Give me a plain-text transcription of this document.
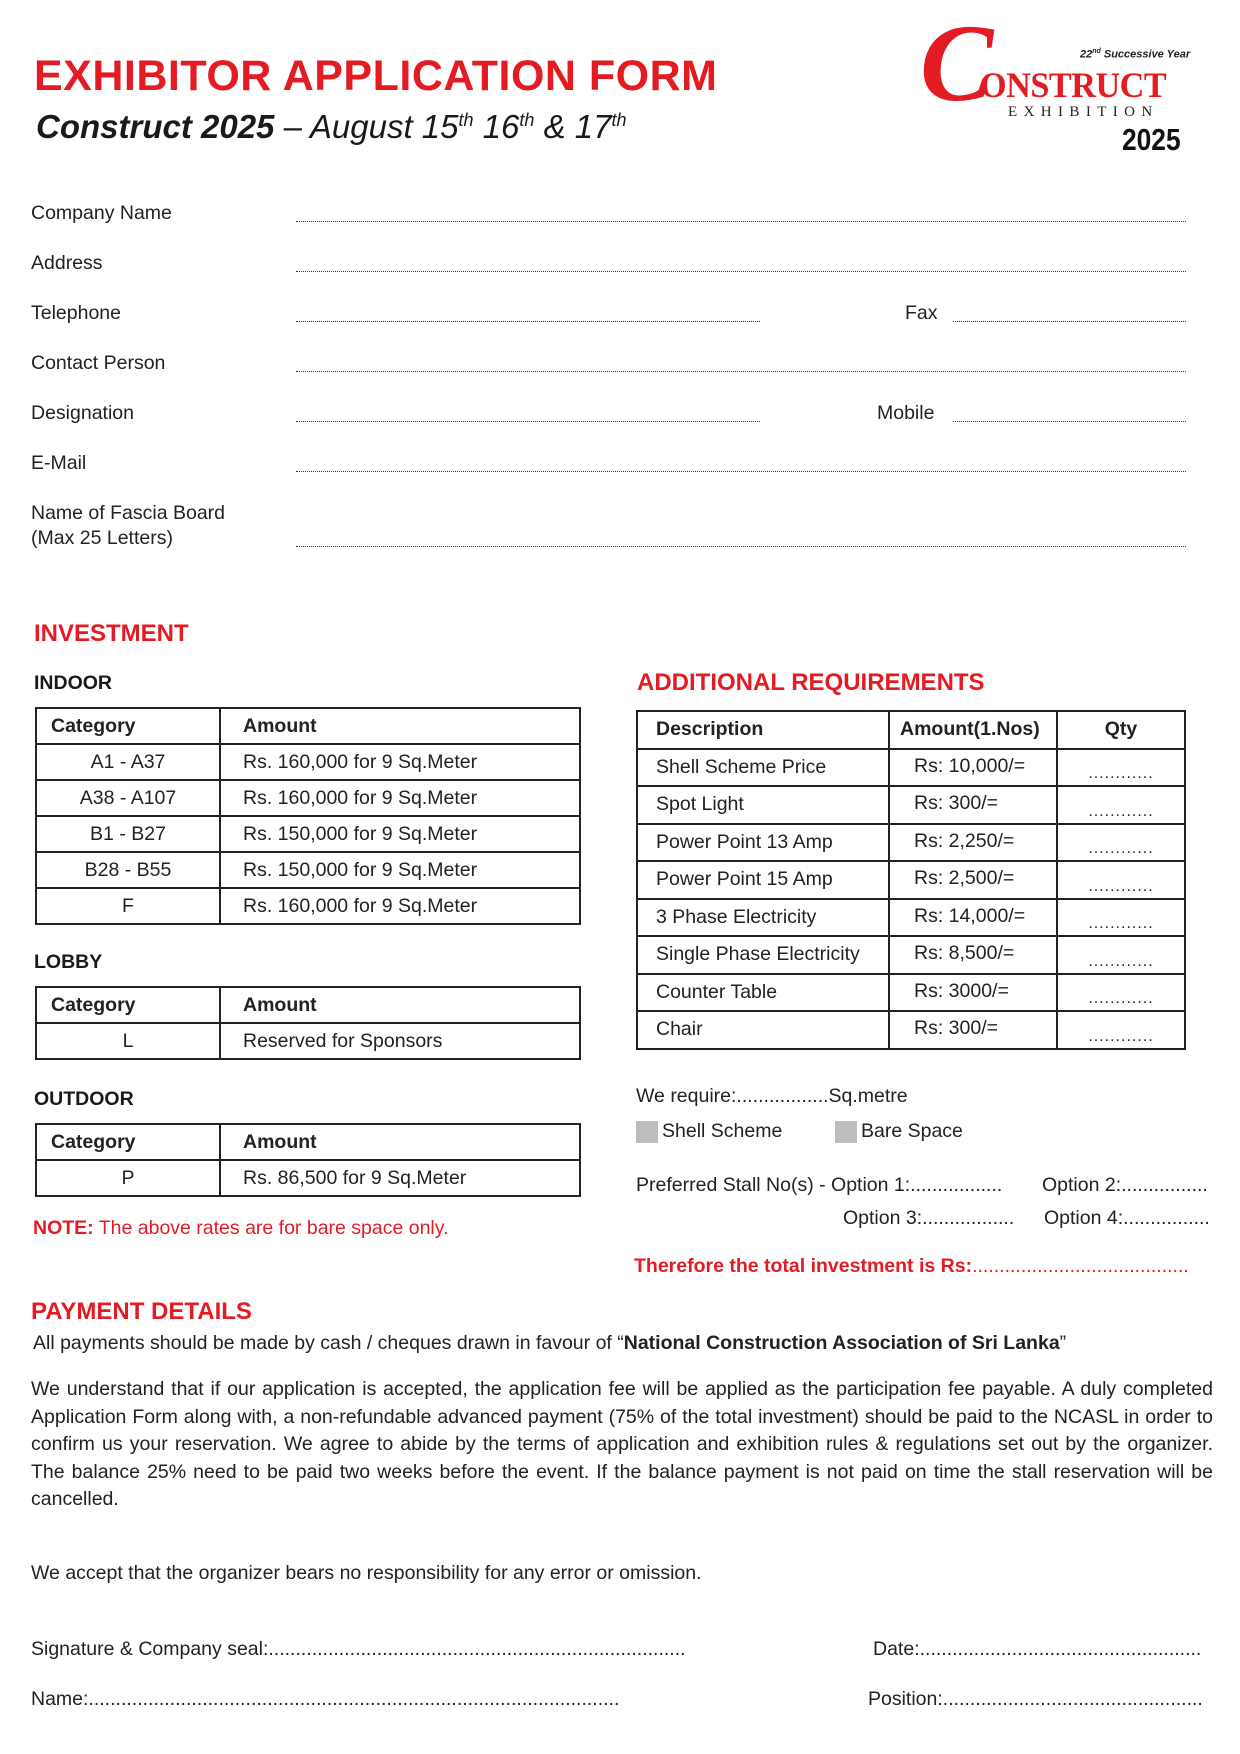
EXHIBITOR APPLICATION FORM
Construct 2025 – August 15th 16th & 17th	C	22nd Successive Year
ONSTRUCT
EXHIBITION
2025
Company Name
Address
Telephone	Fax
Contact Person
Designation	Mobile
E-Mail
Name of Fascia Board
(Max 25 Letters)
INVESTMENT
INDOOR
Category	Amount
A1 - A37	Rs. 160,000 for 9 Sq.Meter
A38 - A107	Rs. 160,000 for 9 Sq.Meter
B1 - B27	Rs. 150,000 for 9 Sq.Meter
B28 - B55	Rs. 150,000 for 9 Sq.Meter
F	Rs. 160,000 for 9 Sq.Meter
LOBBY
Category	Amount
L	Reserved for Sponsors
OUTDOOR
Category	Amount
P	Rs. 86,500 for 9 Sq.Meter
NOTE: The above rates are for bare space only.
ADDITIONAL REQUIREMENTS
Description	Amount(1.Nos)	Qty
Shell Scheme Price	Rs: 10,000/=	............
Spot Light	Rs: 300/=	............
Power Point 13 Amp	Rs: 2,250/=	............
Power Point 15 Amp	Rs: 2,500/=	............
3 Phase Electricity	Rs: 14,000/=	............
Single Phase Electricity	Rs: 8,500/=	............
Counter Table	Rs: 3000/=	............
Chair	Rs: 300/=	............
We require:.................Sq.metre
Shell Scheme	Bare Space
Preferred Stall No(s) - Option 1:................. Option 2:................
Option 3:................. Option 4:................
Therefore the total investment is Rs:........................................
PAYMENT DETAILS
All payments should be made by cash / cheques drawn in favour of “National Construction Association of Sri Lanka”
We understand that if our application is accepted, the application fee will be applied as the participation fee payable. A duly completed Application Form along with, a non-refundable advanced payment (75% of the total investment) should be paid to the NCASL in order to confirm us your reservation. We agree to abide by the terms of application and exhibition rules & regulations set out by the organizer. The balance 25% need to be paid two weeks before the event. If the balance payment is not paid on time the stall reservation will be cancelled.
We accept that the organizer bears no responsibility for any error or omission.
Signature & Company seal:.............................................................................	Date:....................................................
Name:..................................................................................................	Position:................................................
